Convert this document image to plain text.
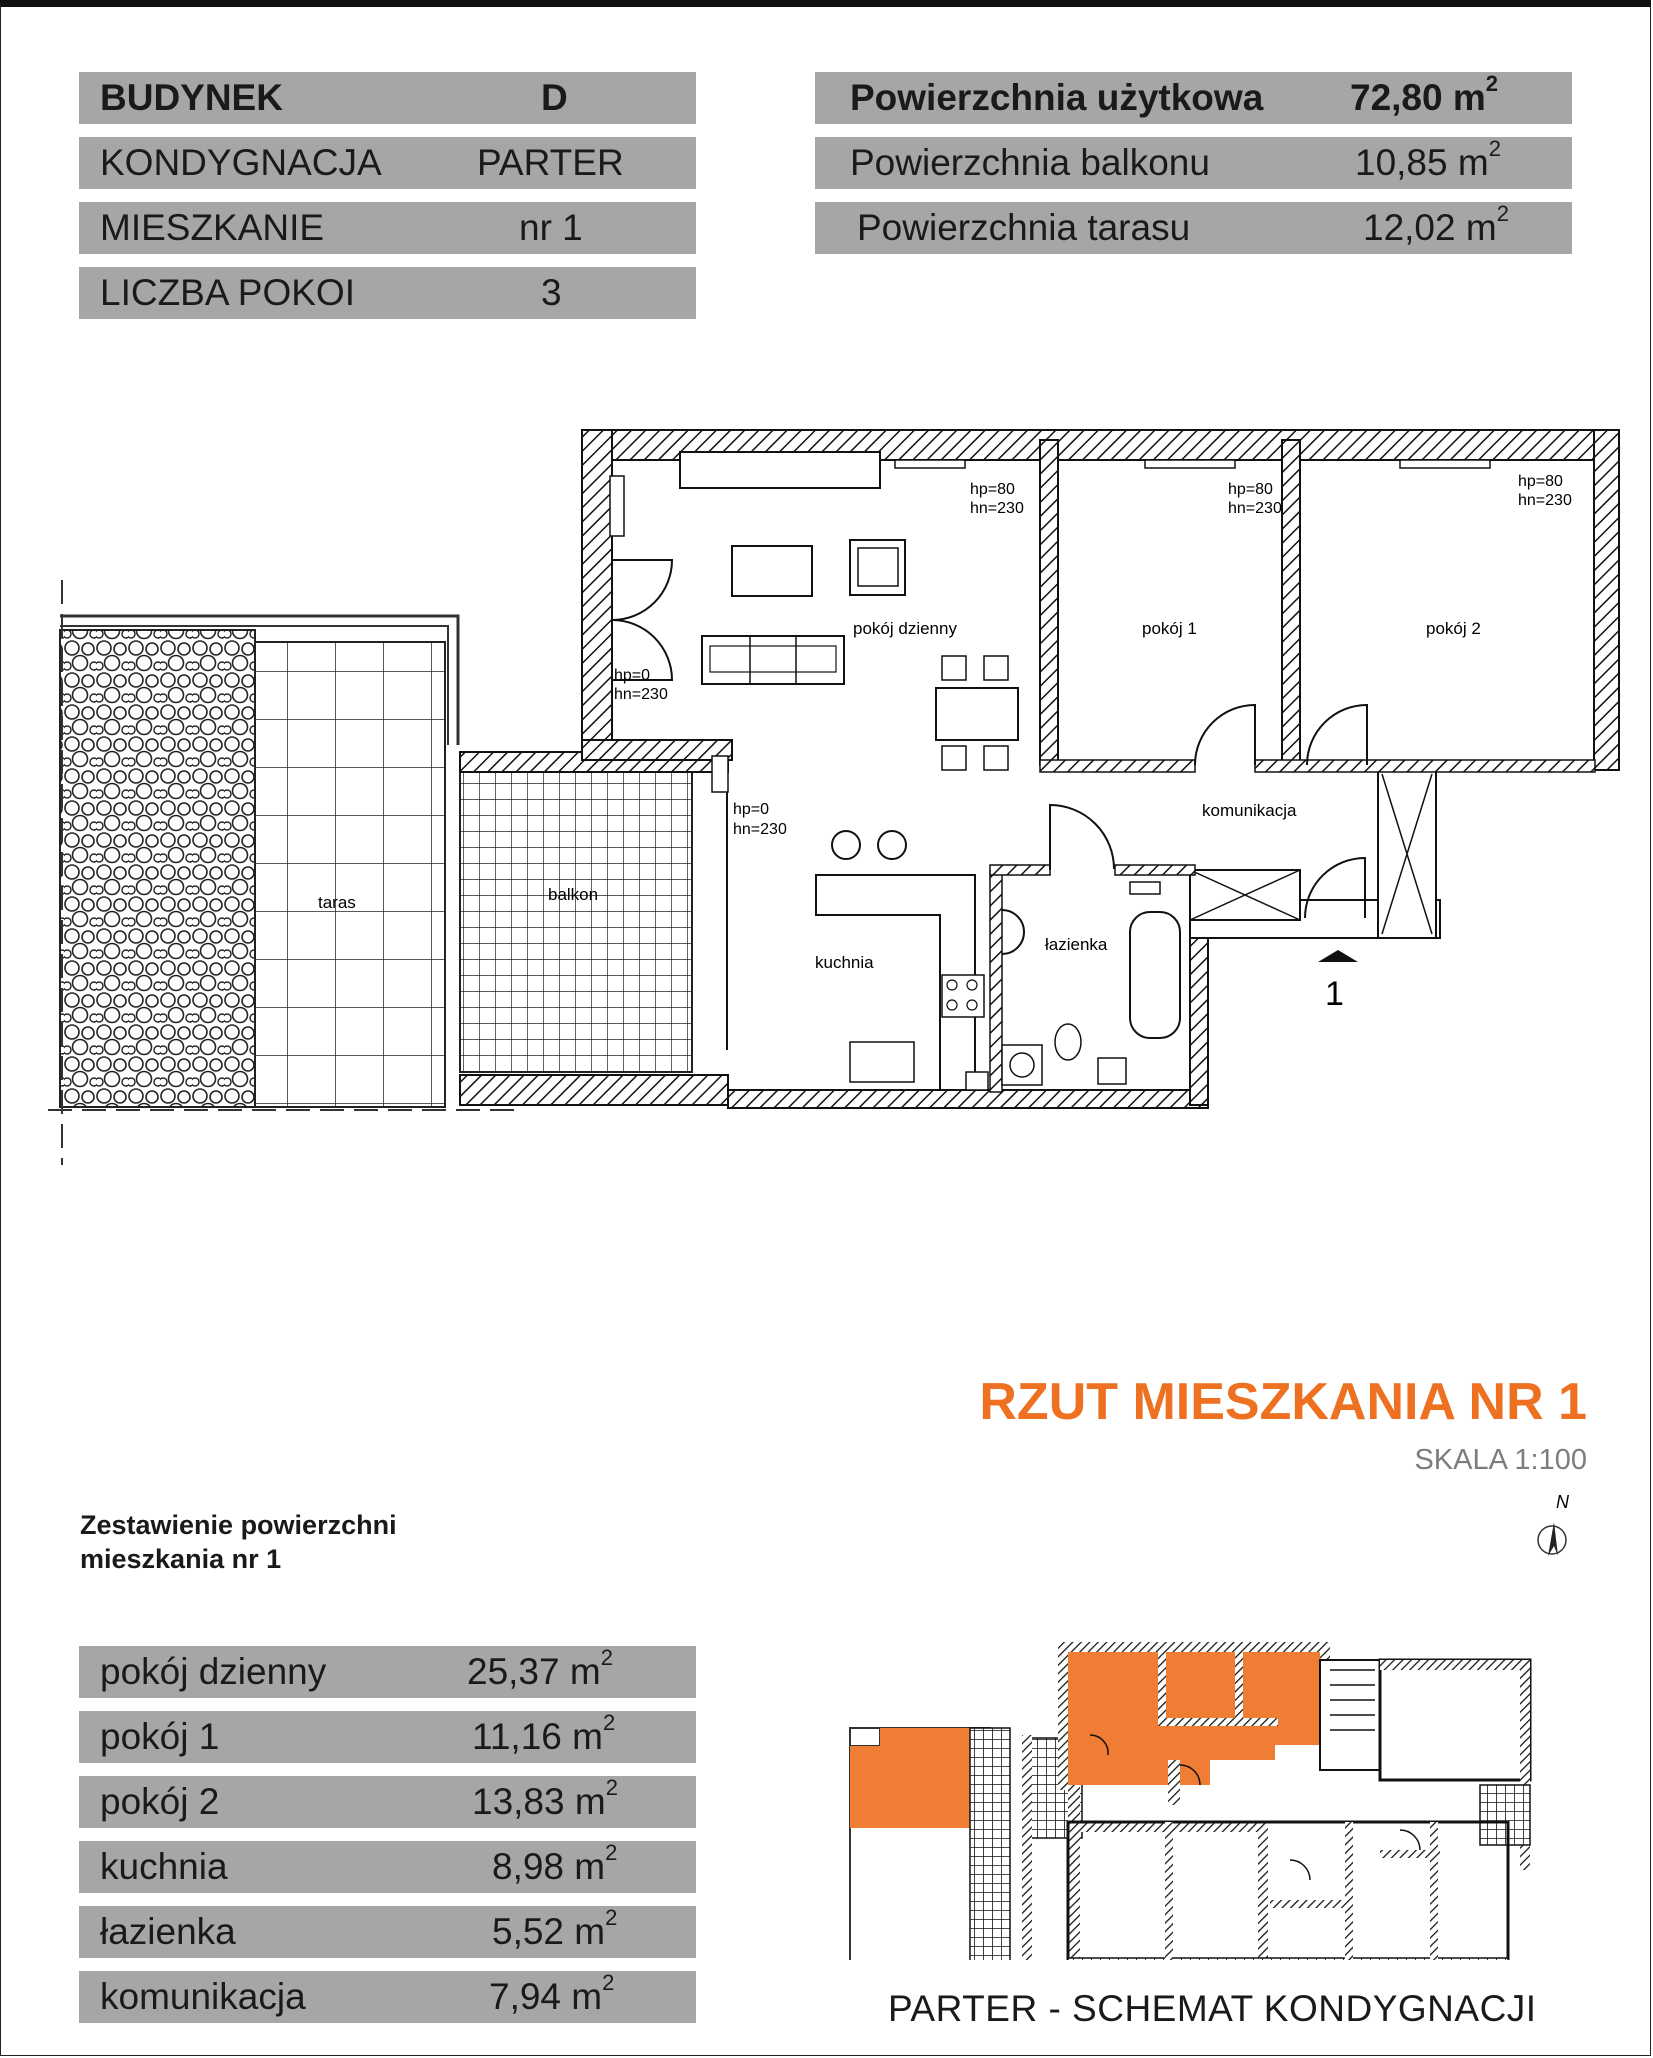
BUDYNEK	D
KONDYGNACJA	PARTER
MIESZKANIE	nr 1
LICZBA POKOI	3
Powierzchnia użytkowa 72,80 $m^2$
Powierzchnia balkonu	10,85 $m^2$
Powierzchnia tarasu	12,02 $m^2$
pokój dzienny	pokój 1	pokój 2
komunikacja
łazienka
kuchnia
taras	balkon
hp=80
hn=230
hp=80
hn=230
hp=80
hn=230
hp=0
hn=230
hp=0
hn=230
1
RZUT MIESZKANIA NR 1
SKALA 1:100
N
Zestawienie powierzchni
mieszkania nr 1
pokój dzienny	25,37 $m^2$
pokój 1	11,16 $m^2$
pokój 2	13,83 $m^2$
kuchnia	8,98 $m^2$
łazienka	5,52 $m^2$
komunikacja	7,94 $m^2$
PARTER - SCHEMAT KONDYGNACJI
